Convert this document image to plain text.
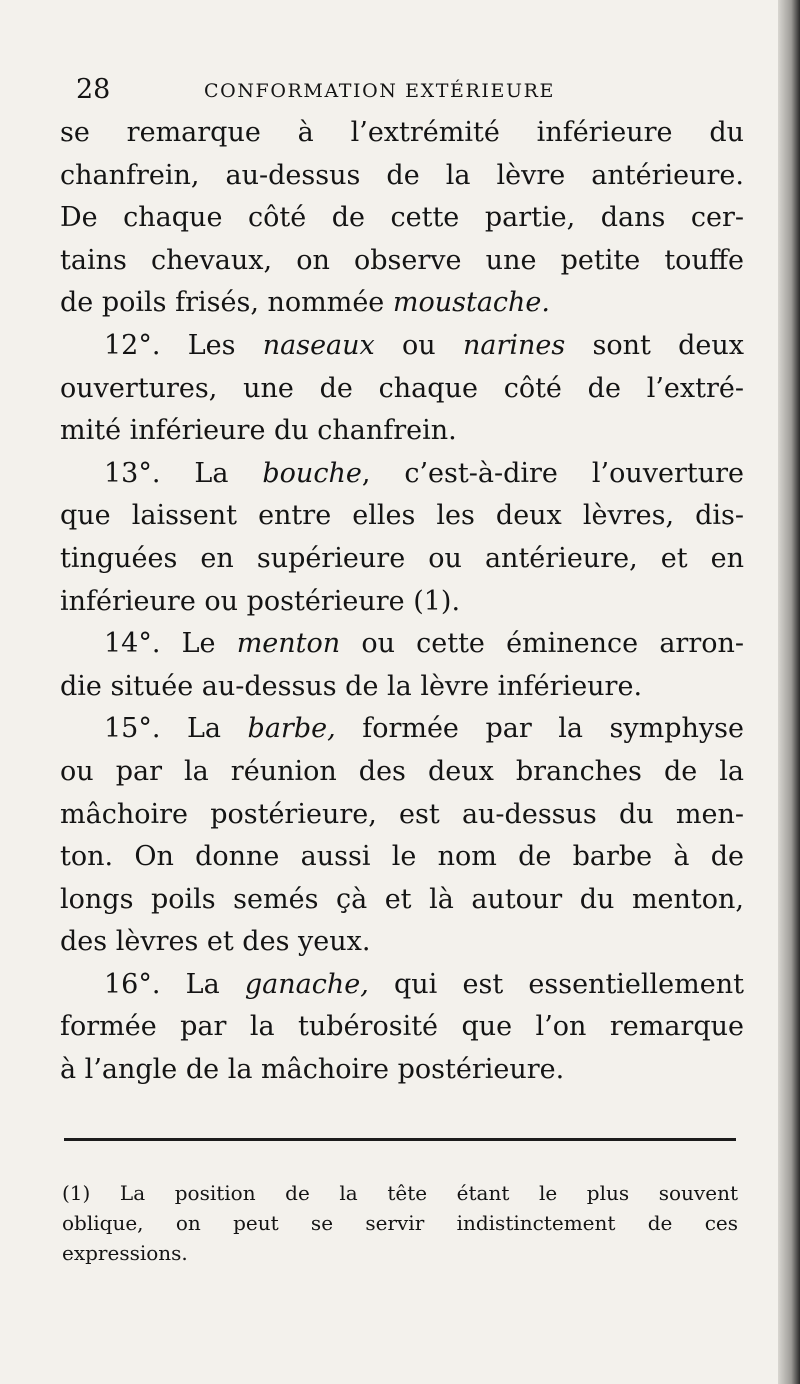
28	CONFORMATION EXTÉRIEURE
se remarque à l’extrémité inférieure du
chanfrein, au-dessus de la lèvre antérieure.
De chaque côté de cette partie, dans cer-
tains chevaux, on observe une petite touffe
de poils frisés, nommée moustache.
12°. Les naseaux ou narines sont deux
ouvertures, une de chaque côté de l’extré-
mité inférieure du chanfrein.
13°. La bouche, c’est-à-dire l’ouverture
que laissent entre elles les deux lèvres, dis-
tinguées en supérieure ou antérieure, et en
inférieure ou postérieure (1).
14°. Le menton ou cette éminence arron-
die située au-dessus de la lèvre inférieure.
15°. La barbe, formée par la symphyse
ou par la réunion des deux branches de la
mâchoire postérieure, est au-dessus du men-
ton. On donne aussi le nom de barbe à de
longs poils semés çà et là autour du menton,
des lèvres et des yeux.
16°. La ganache, qui est essentiellement
formée par la tubérosité que l’on remarque
à l’angle de la mâchoire postérieure.
(1) La position de la tête étant le plus souvent
oblique, on peut se servir indistinctement de ces
expressions.
